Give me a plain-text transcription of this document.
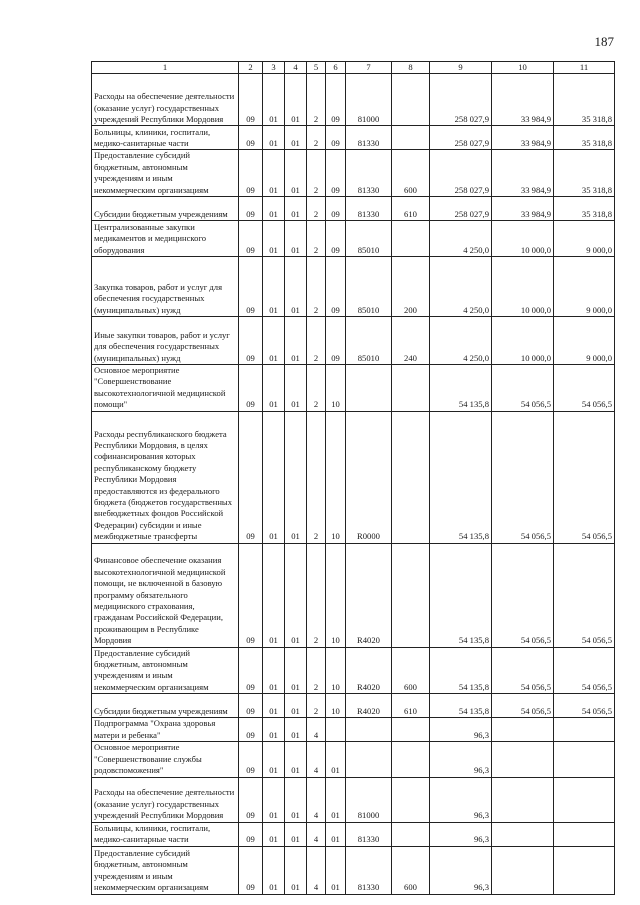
187
1	2	3	4	5	6	7	8	9	10	11
Расходы на обеспечение деятельности (оказание услуг) государственных учреждений Республики Мордовия	09	01	01	2	09	81000		258 027,9	33 984,9	35 318,8
Больницы, клиники, госпитали, медико-санитарные части	09	01	01	2	09	81330		258 027,9	33 984,9	35 318,8
Предоставление субсидий бюджетным, автономным учреждениям и иным некоммерческим организациям	09	01	01	2	09	81330	600	258 027,9	33 984,9	35 318,8
Субсидии бюджетным учреждениям	09	01	01	2	09	81330	610	258 027,9	33 984,9	35 318,8
Централизованные закупки медикаментов и медицинского оборудования	09	01	01	2	09	85010		4 250,0	10 000,0	9 000,0
Закупка товаров, работ и услуг для обеспечения государственных (муниципальных) нужд	09	01	01	2	09	85010	200	4 250,0	10 000,0	9 000,0
Иные закупки товаров, работ и услуг для обеспечения государственных (муниципальных) нужд	09	01	01	2	09	85010	240	4 250,0	10 000,0	9 000,0
Основное мероприятие "Совершенствование высокотехнологичной медицинской помощи"	09	01	01	2	10			54 135,8	54 056,5	54 056,5
Расходы республиканского бюджета Республики Мордовия, в целях софинансирования которых республиканскому бюджету Республики Мордовия предоставляются из федерального бюджета (бюджетов государственных внебюджетных фондов Российской Федерации) субсидии и иные межбюджетные трансферты	09	01	01	2	10	R0000		54 135,8	54 056,5	54 056,5
Финансовое обеспечение оказания высокотехнологичной медицинской помощи, не включенной в базовую программу обязательного медицинского страхования, гражданам Российской Федерации, проживающим в Республике Мордовия	09	01	01	2	10	R4020		54 135,8	54 056,5	54 056,5
Предоставление субсидий бюджетным, автономным учреждениям и иным некоммерческим организациям	09	01	01	2	10	R4020	600	54 135,8	54 056,5	54 056,5
Субсидии бюджетным учреждениям	09	01	01	2	10	R4020	610	54 135,8	54 056,5	54 056,5
Подпрограмма "Охрана здоровья матери и ребенка"	09	01	01	4				96,3		
Основное мероприятие "Совершенствование службы родовспоможения"	09	01	01	4	01			96,3		
Расходы на обеспечение деятельности (оказание услуг) государственных учреждений Республики Мордовия	09	01	01	4	01	81000		96,3		
Больницы, клиники, госпитали, медико-санитарные части	09	01	01	4	01	81330		96,3		
Предоставление субсидий бюджетным, автономным учреждениям и иным некоммерческим организациям	09	01	01	4	01	81330	600	96,3		
